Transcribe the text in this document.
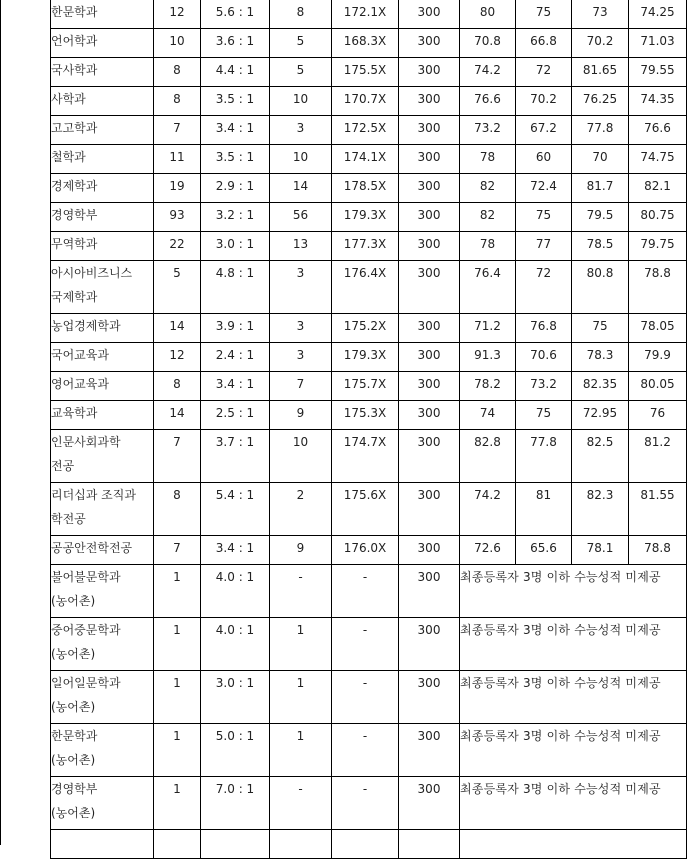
한문학과	12	5.6 : 1	8	172.1X	300	80	75	73	74.25

언어학과	10	3.6 : 1	5	168.3X	300	70.8	66.8	70.2	71.03

국사학과	8	4.4 : 1	5	175.5X	300	74.2	72	81.65	79.55

사학과	8	3.5 : 1	10	170.7X	300	76.6	70.2	76.25	74.35

고고학과	7	3.4 : 1	3	172.5X	300	73.2	67.2	77.8	76.6

철학과	11	3.5 : 1	10	174.1X	300	78	60	70	74.75

경제학과	19	2.9 : 1	14	178.5X	300	82	72.4	81.7	82.1

경영학부	93	3.2 : 1	56	179.3X	300	82	75	79.5	80.75

무역학과	22	3.0 : 1	13	177.3X	300	78	77	78.5	79.75

아시아비즈니스
국제학과	5	4.8 : 1	3	176.4X	300	76.4	72	80.8	78.8

농업경제학과	14	3.9 : 1	3	175.2X	300	71.2	76.8	75	78.05

국어교육과	12	2.4 : 1	3	179.3X	300	91.3	70.6	78.3	79.9

영어교육과	8	3.4 : 1	7	175.7X	300	78.2	73.2	82.35	80.05

교육학과	14	2.5 : 1	9	175.3X	300	74	75	72.95	76

인문사회과학
전공	7	3.7 : 1	10	174.7X	300	82.8	77.8	82.5	81.2

리더십과 조직과
학전공	8	5.4 : 1	2	175.6X	300	74.2	81	82.3	81.55

공공안전학전공	7	3.4 : 1	9	176.0X	300	72.6	65.6	78.1	78.8

불어불문학과
(농어촌)	1	4.0 : 1	-	-	300	최종등록자 3명 이하 수능성적 미제공			

중어중문학과
(농어촌)	1	4.0 : 1	1	-	300	최종등록자 3명 이하 수능성적 미제공			

일어일문학과
(농어촌)	1	3.0 : 1	1	-	300	최종등록자 3명 이하 수능성적 미제공			

한문학과
(농어촌)	1	5.0 : 1	1	-	300	최종등록자 3명 이하 수능성적 미제공			

경영학부
(농어촌)	1	7.0 : 1	-	-	300	최종등록자 3명 이하 수능성적 미제공			
